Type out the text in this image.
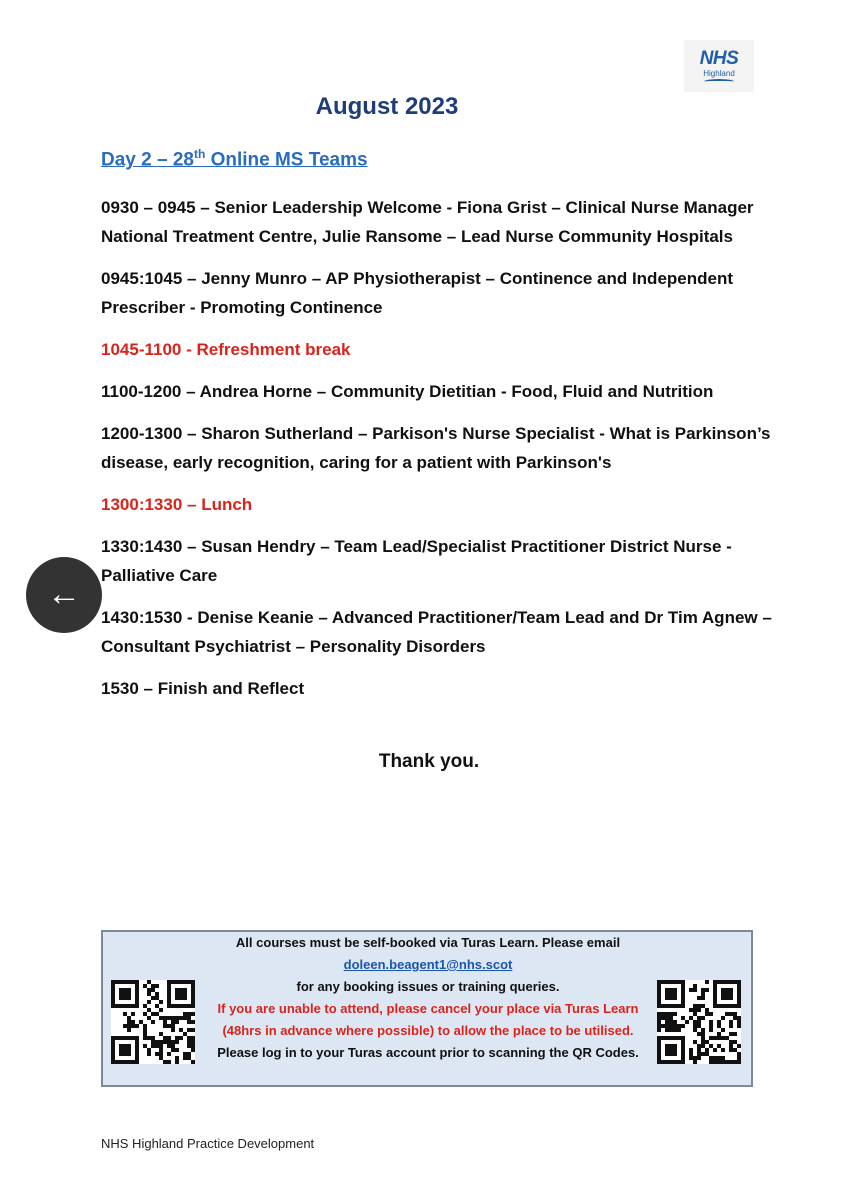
NHS
Highland
August 2023
Day 2 – 28th Online MS Teams
0930 – 0945 – Senior Leadership Welcome - Fiona Grist – Clinical Nurse Manager National Treatment Centre, Julie Ransome – Lead Nurse Community Hospitals
0945:1045 – Jenny Munro – AP Physiotherapist – Continence and Independent Prescriber - Promoting Continence
1045-1100 - Refreshment break
1100-1200 – Andrea Horne – Community Dietitian - Food, Fluid and Nutrition
1200-1300 – Sharon Sutherland – Parkison's Nurse Specialist - What is Parkinson’s disease, early recognition, caring for a patient with Parkinson's
1300:1330 – Lunch
1330:1430 – Susan Hendry – Team Lead/Specialist Practitioner District Nurse - Palliative Care
1430:1530 - Denise Keanie – Advanced Practitioner/Team Lead and Dr Tim Agnew – Consultant Psychiatrist – Personality Disorders
1530 – Finish and Reflect
Thank you.
All courses must be self-booked via Turas Learn. Please email doleen.beagent1@nhs.scot
for any booking issues or training queries.
If you are unable to attend, please cancel your place via Turas Learn (48hrs in advance where possible) to allow the place to be utilised.
Please log in to your Turas account prior to scanning the QR Codes.
NHS Highland Practice Development
←
